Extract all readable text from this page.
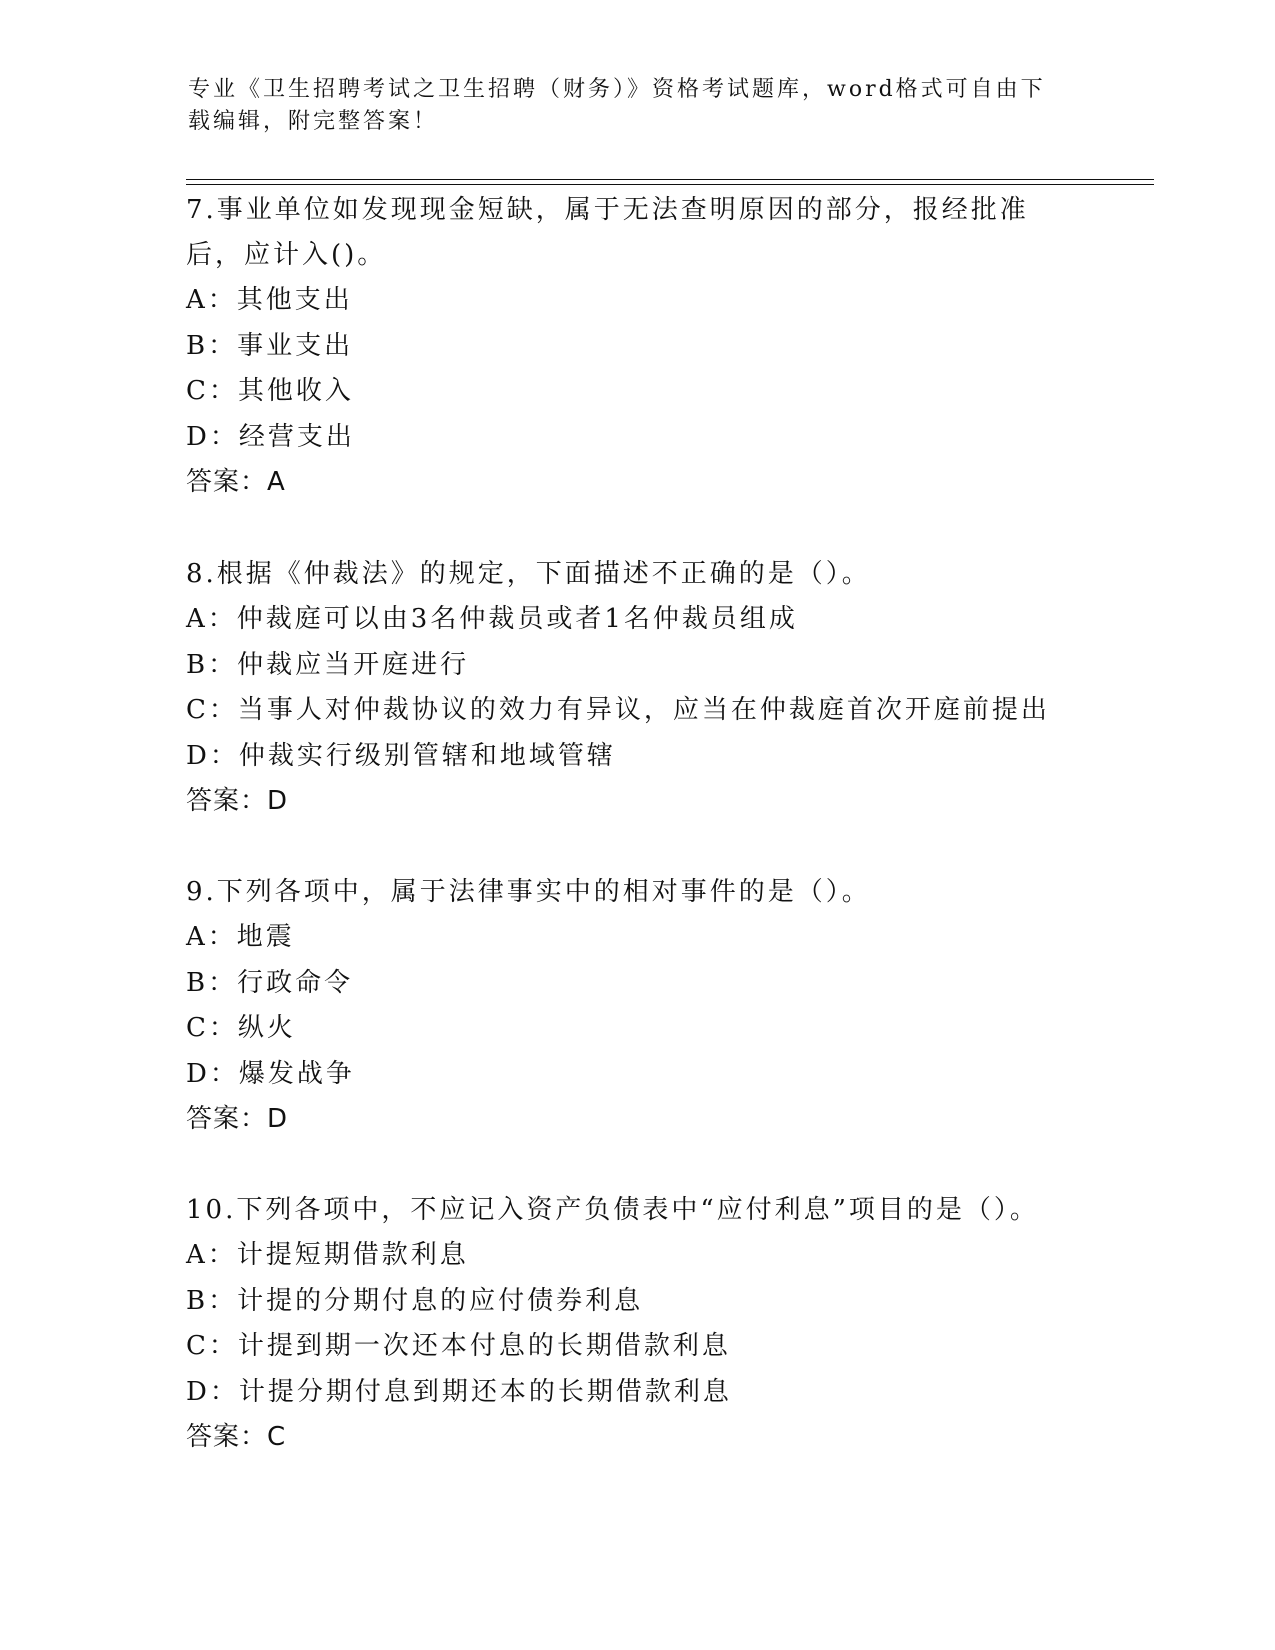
专业《卫生招聘考试之卫生招聘（财务）》资格考试题库，word格式可自由下载编辑，附完整答案！

7.事业单位如发现现金短缺，属于无法查明原因的部分，报经批准后，应计入()。

A：其他支出

B：事业支出

C：其他收入

D：经营支出

答案：A

8.根据《仲裁法》的规定，下面描述不正确的是（）。

A：仲裁庭可以由3名仲裁员或者1名仲裁员组成

B：仲裁应当开庭进行

C：当事人对仲裁协议的效力有异议，应当在仲裁庭首次开庭前提出

D：仲裁实行级别管辖和地域管辖

答案：D

9.下列各项中，属于法律事实中的相对事件的是（）。

A：地震

B：行政命令

C：纵火

D：爆发战争

答案：D

10.下列各项中，不应记入资产负债表中“应付利息”项目的是（）。

A：计提短期借款利息

B：计提的分期付息的应付债券利息

C：计提到期一次还本付息的长期借款利息

D：计提分期付息到期还本的长期借款利息

答案：C
